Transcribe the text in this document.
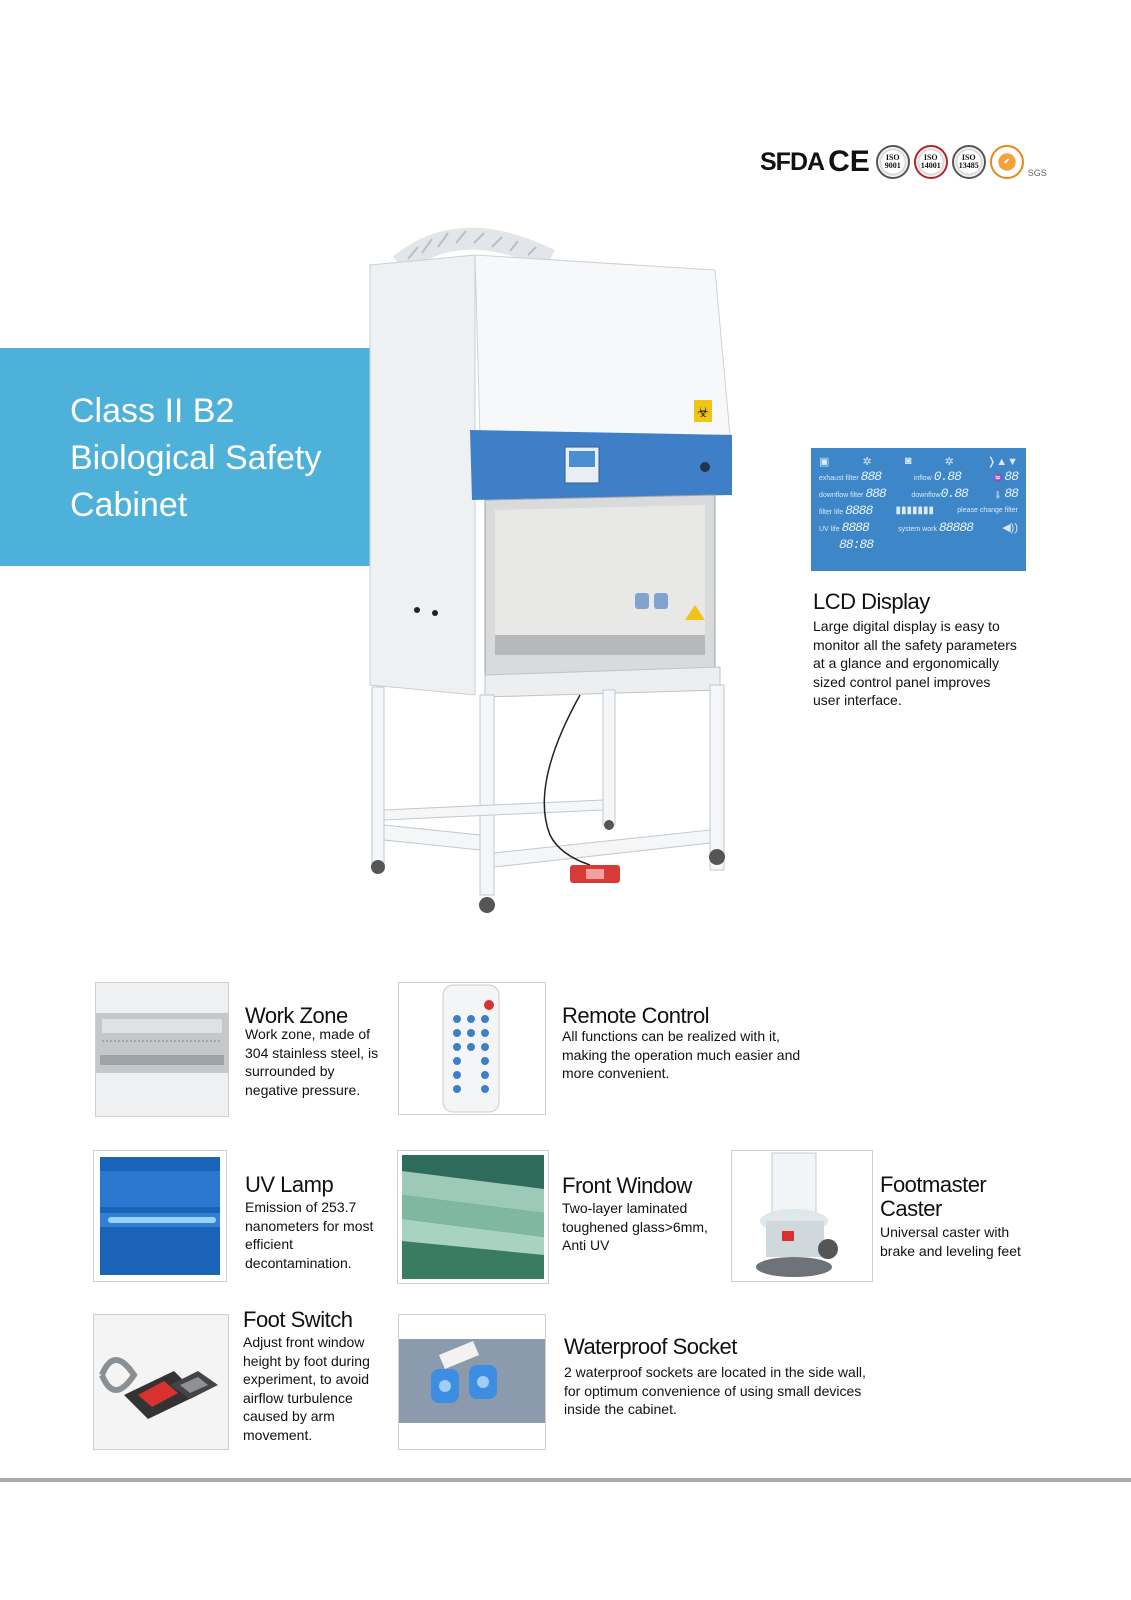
SFDA CE ISO
9001
ISO
14001
ISO
13485	✔
SGS
Class II B2
Biological Safety
Cabinet
☣
▣	✲	◙	✲	❭▲▼
exhaust filter 888	inflow 0.88	♒ 88
downflow filter 888	downflow0.88	🌡 88
filter life 8888 ▮▮▮▮▮▮▮	please change filter
UV life 8888	system work 88888	◀))
88:88
LCD Display
Large digital display is easy to monitor all the safety parameters at a glance and ergonomically sized control panel improves user interface.
Work Zone
Work zone, made of 304 stainless steel, is surrounded by negative pressure.
Remote Control
All functions can be realized with it, making the operation much easier and more convenient.
UV Lamp
Emission of 253.7 nanometers for most efficient decontamination.
Front Window
Two-layer laminated toughened glass>6mm, Anti UV
Footmaster
Caster
Universal caster with brake and leveling feet
Foot Switch
Adjust front window height by foot during experiment, to avoid airflow turbulence caused by arm movement.
Waterproof Socket
2 waterproof sockets are located in the side wall, for optimum convenience of using small devices inside the cabinet.
